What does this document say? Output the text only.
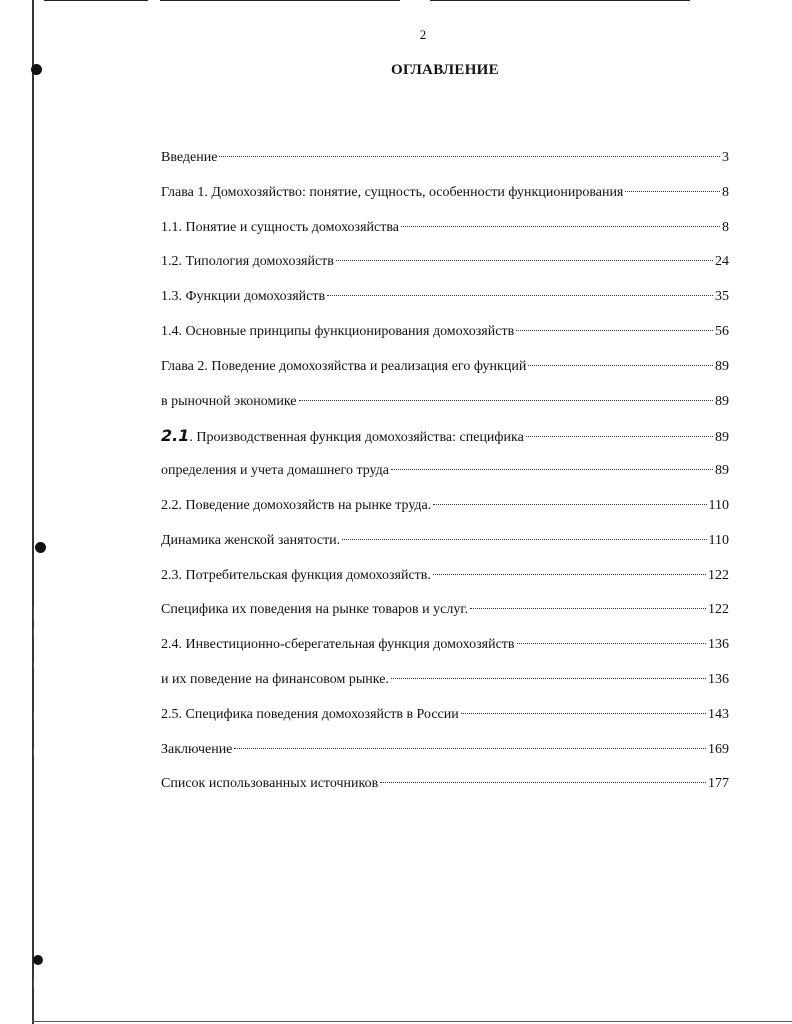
2
ОГЛАВЛЕНИЕ
Введение	3
Глава 1. Домохозяйство: понятие, сущность, особенности функционирования	8
1.1. Понятие и сущность домохозяйства	8
1.2. Типология домохозяйств	24
1.3. Функции домохозяйств	35
1.4. Основные принципы функционирования домохозяйств	56
Глава 2. Поведение домохозяйства и реализация его функций	89
в рыночной экономике	89
2.1. Производственная функция домохозяйства: специфика	89
определения и учета домашнего труда	89
2.2. Поведение домохозяйств на рынке труда.	110
Динамика женской занятости.	110
2.3. Потребительская функция домохозяйств.	122
Специфика их поведения на рынке товаров и услуг.	122
2.4. Инвестиционно-сберегательная функция домохозяйств	136
и их поведение на финансовом рынке.	136
2.5. Специфика поведения домохозяйств в России	143
Заключение	169
Список использованных источников	177
